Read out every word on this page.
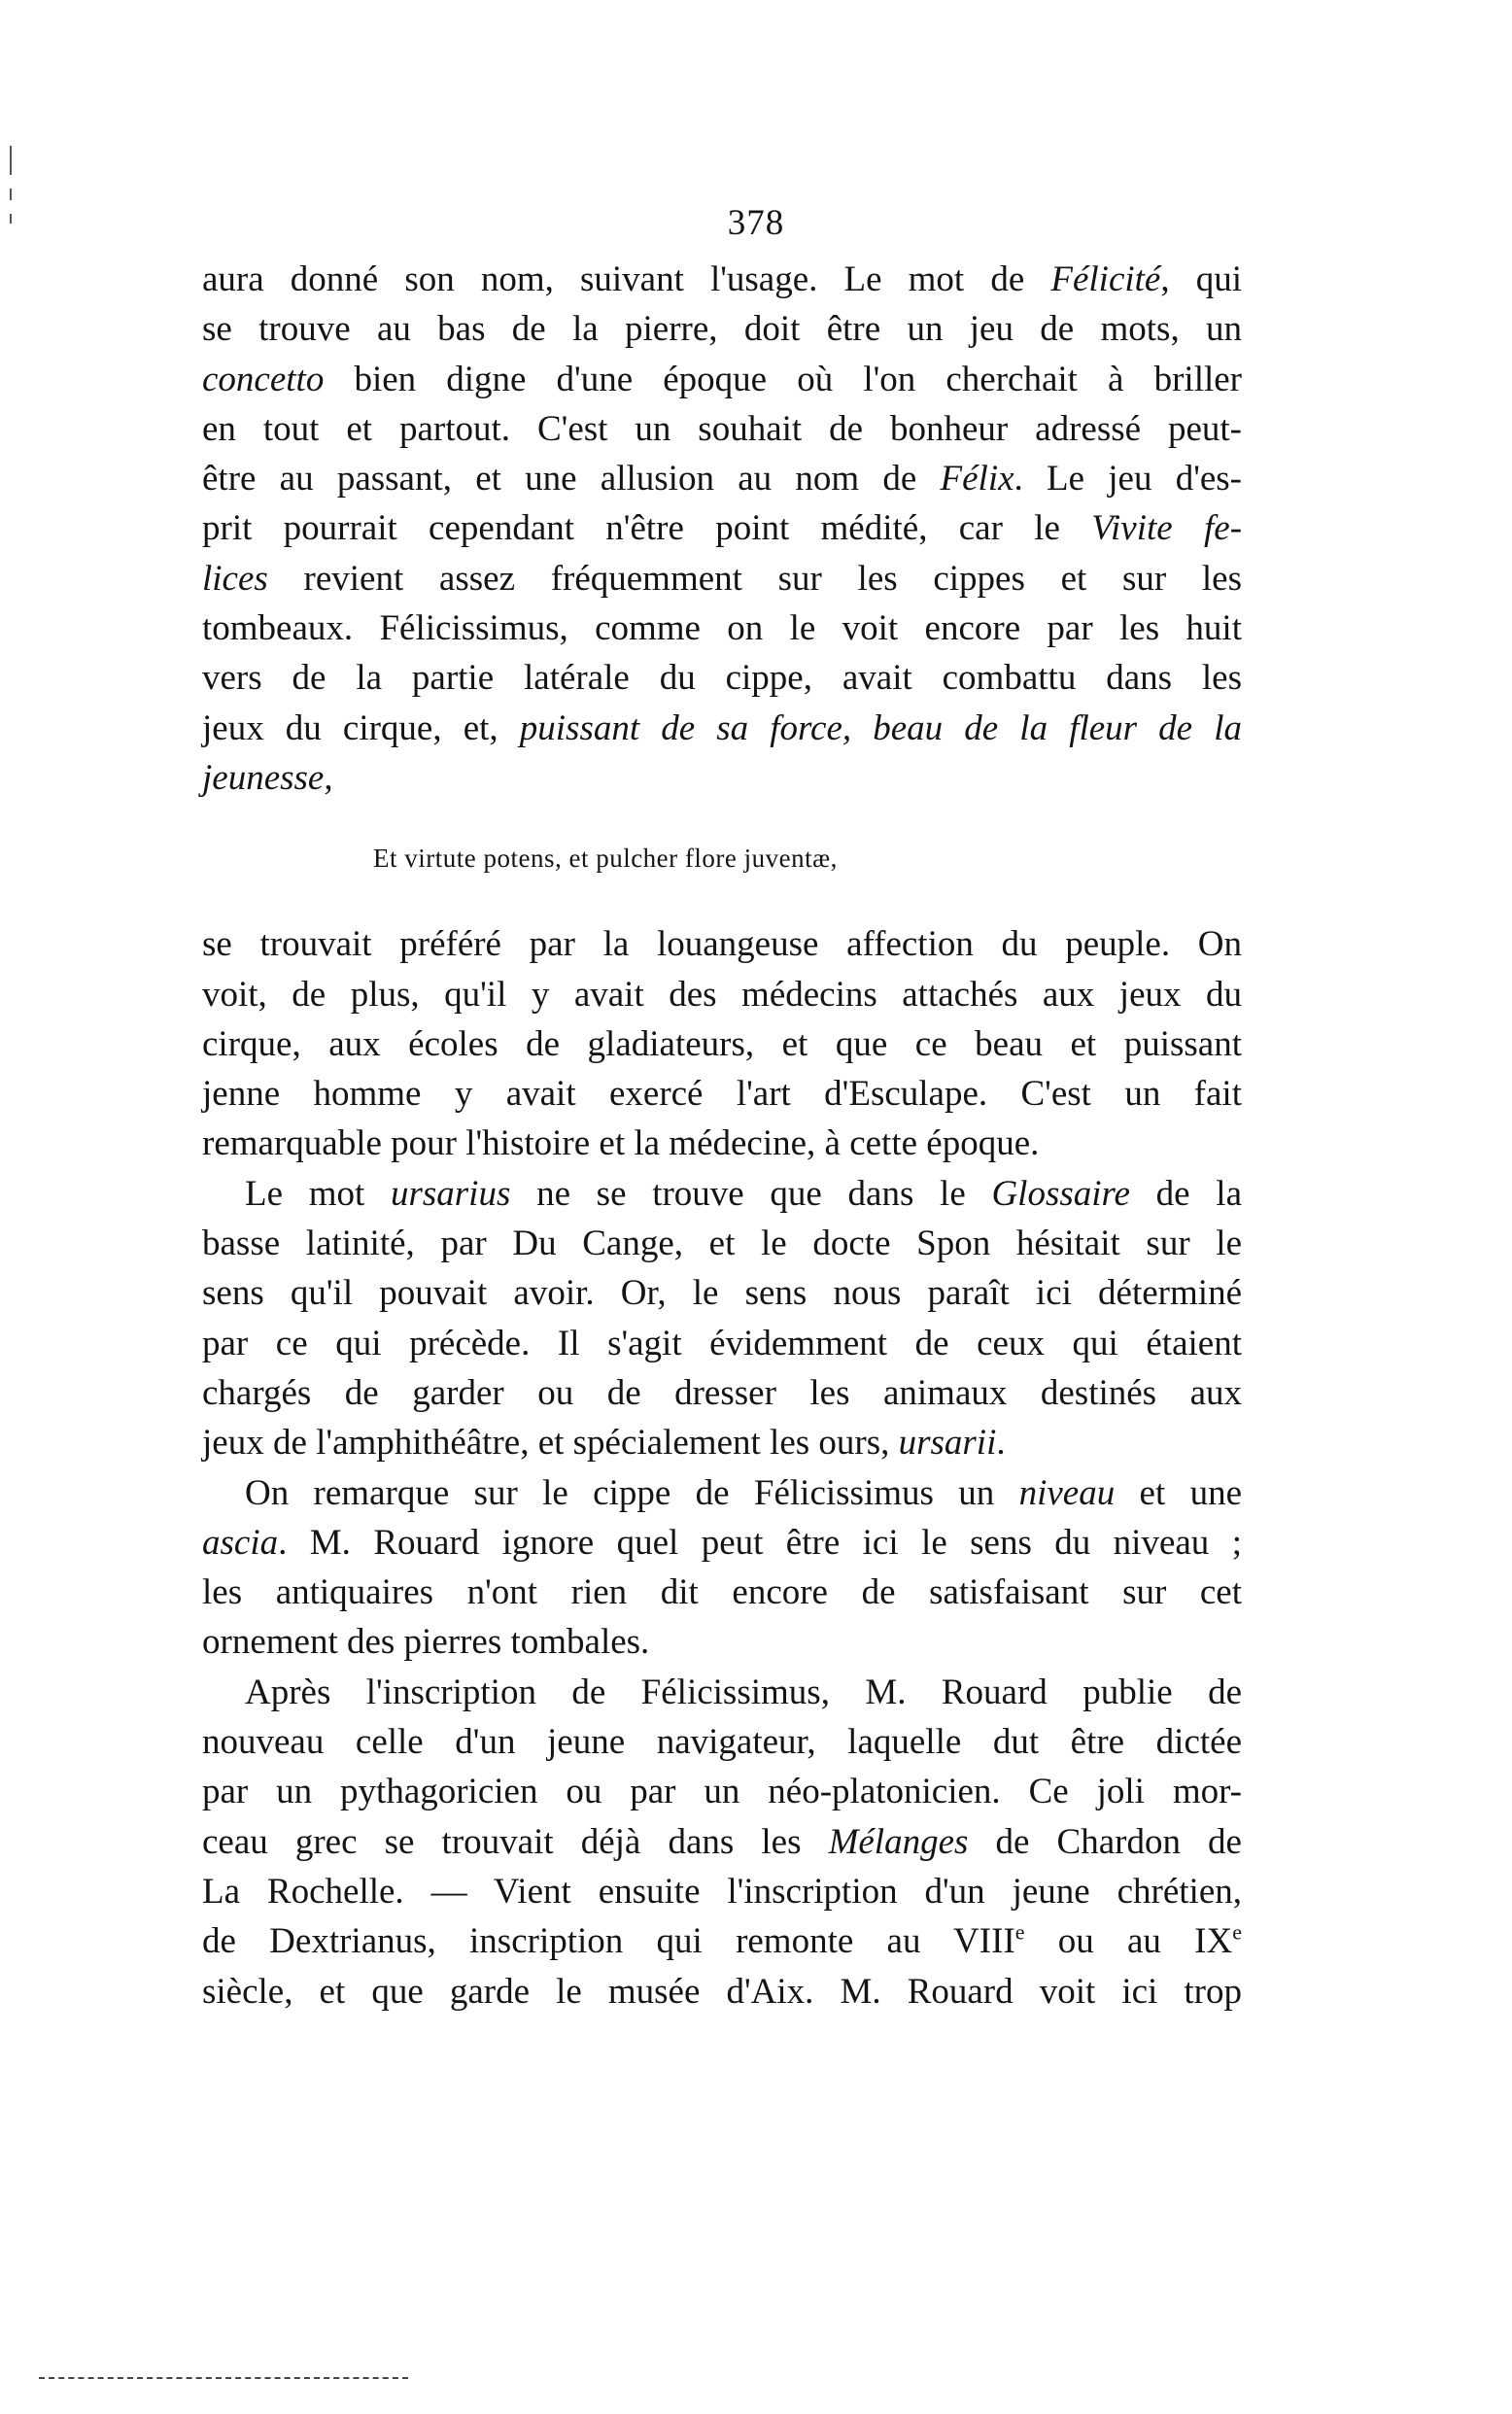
378
aura donné son nom, suivant l'usage. Le mot de Félicité, qui
se trouve au bas de la pierre, doit être un jeu de mots, un
concetto bien digne d'une époque où l'on cherchait à briller
en tout et partout. C'est un souhait de bonheur adressé peut-
être au passant, et une allusion au nom de Félix. Le jeu d'es-
prit pourrait cependant n'être point médité, car le Vivite fe-
lices revient assez fréquemment sur les cippes et sur les
tombeaux. Félicissimus, comme on le voit encore par les huit
vers de la partie latérale du cippe, avait combattu dans les
jeux du cirque, et, puissant de sa force, beau de la fleur de la
jeunesse,
Et virtute potens, et pulcher flore juventæ,
se trouvait préféré par la louangeuse affection du peuple. On
voit, de plus, qu'il y avait des médecins attachés aux jeux du
cirque, aux écoles de gladiateurs, et que ce beau et puissant
jenne homme y avait exercé l'art d'Esculape. C'est un fait
remarquable pour l'histoire et la médecine, à cette époque.
Le mot ursarius ne se trouve que dans le Glossaire de la
basse latinité, par Du Cange, et le docte Spon hésitait sur le
sens qu'il pouvait avoir. Or, le sens nous paraît ici déterminé
par ce qui précède. Il s'agit évidemment de ceux qui étaient
chargés de garder ou de dresser les animaux destinés aux
jeux de l'amphithéâtre, et spécialement les ours, ursarii.
On remarque sur le cippe de Félicissimus un niveau et une
ascia. M. Rouard ignore quel peut être ici le sens du niveau ;
les antiquaires n'ont rien dit encore de satisfaisant sur cet
ornement des pierres tombales.
Après l'inscription de Félicissimus, M. Rouard publie de
nouveau celle d'un jeune navigateur, laquelle dut être dictée
par un pythagoricien ou par un néo-platonicien. Ce joli mor-
ceau grec se trouvait déjà dans les Mélanges de Chardon de
La Rochelle. — Vient ensuite l'inscription d'un jeune chrétien,
de Dextrianus, inscription qui remonte au VIIIe ou au IXe
siècle, et que garde le musée d'Aix. M. Rouard voit ici trop
